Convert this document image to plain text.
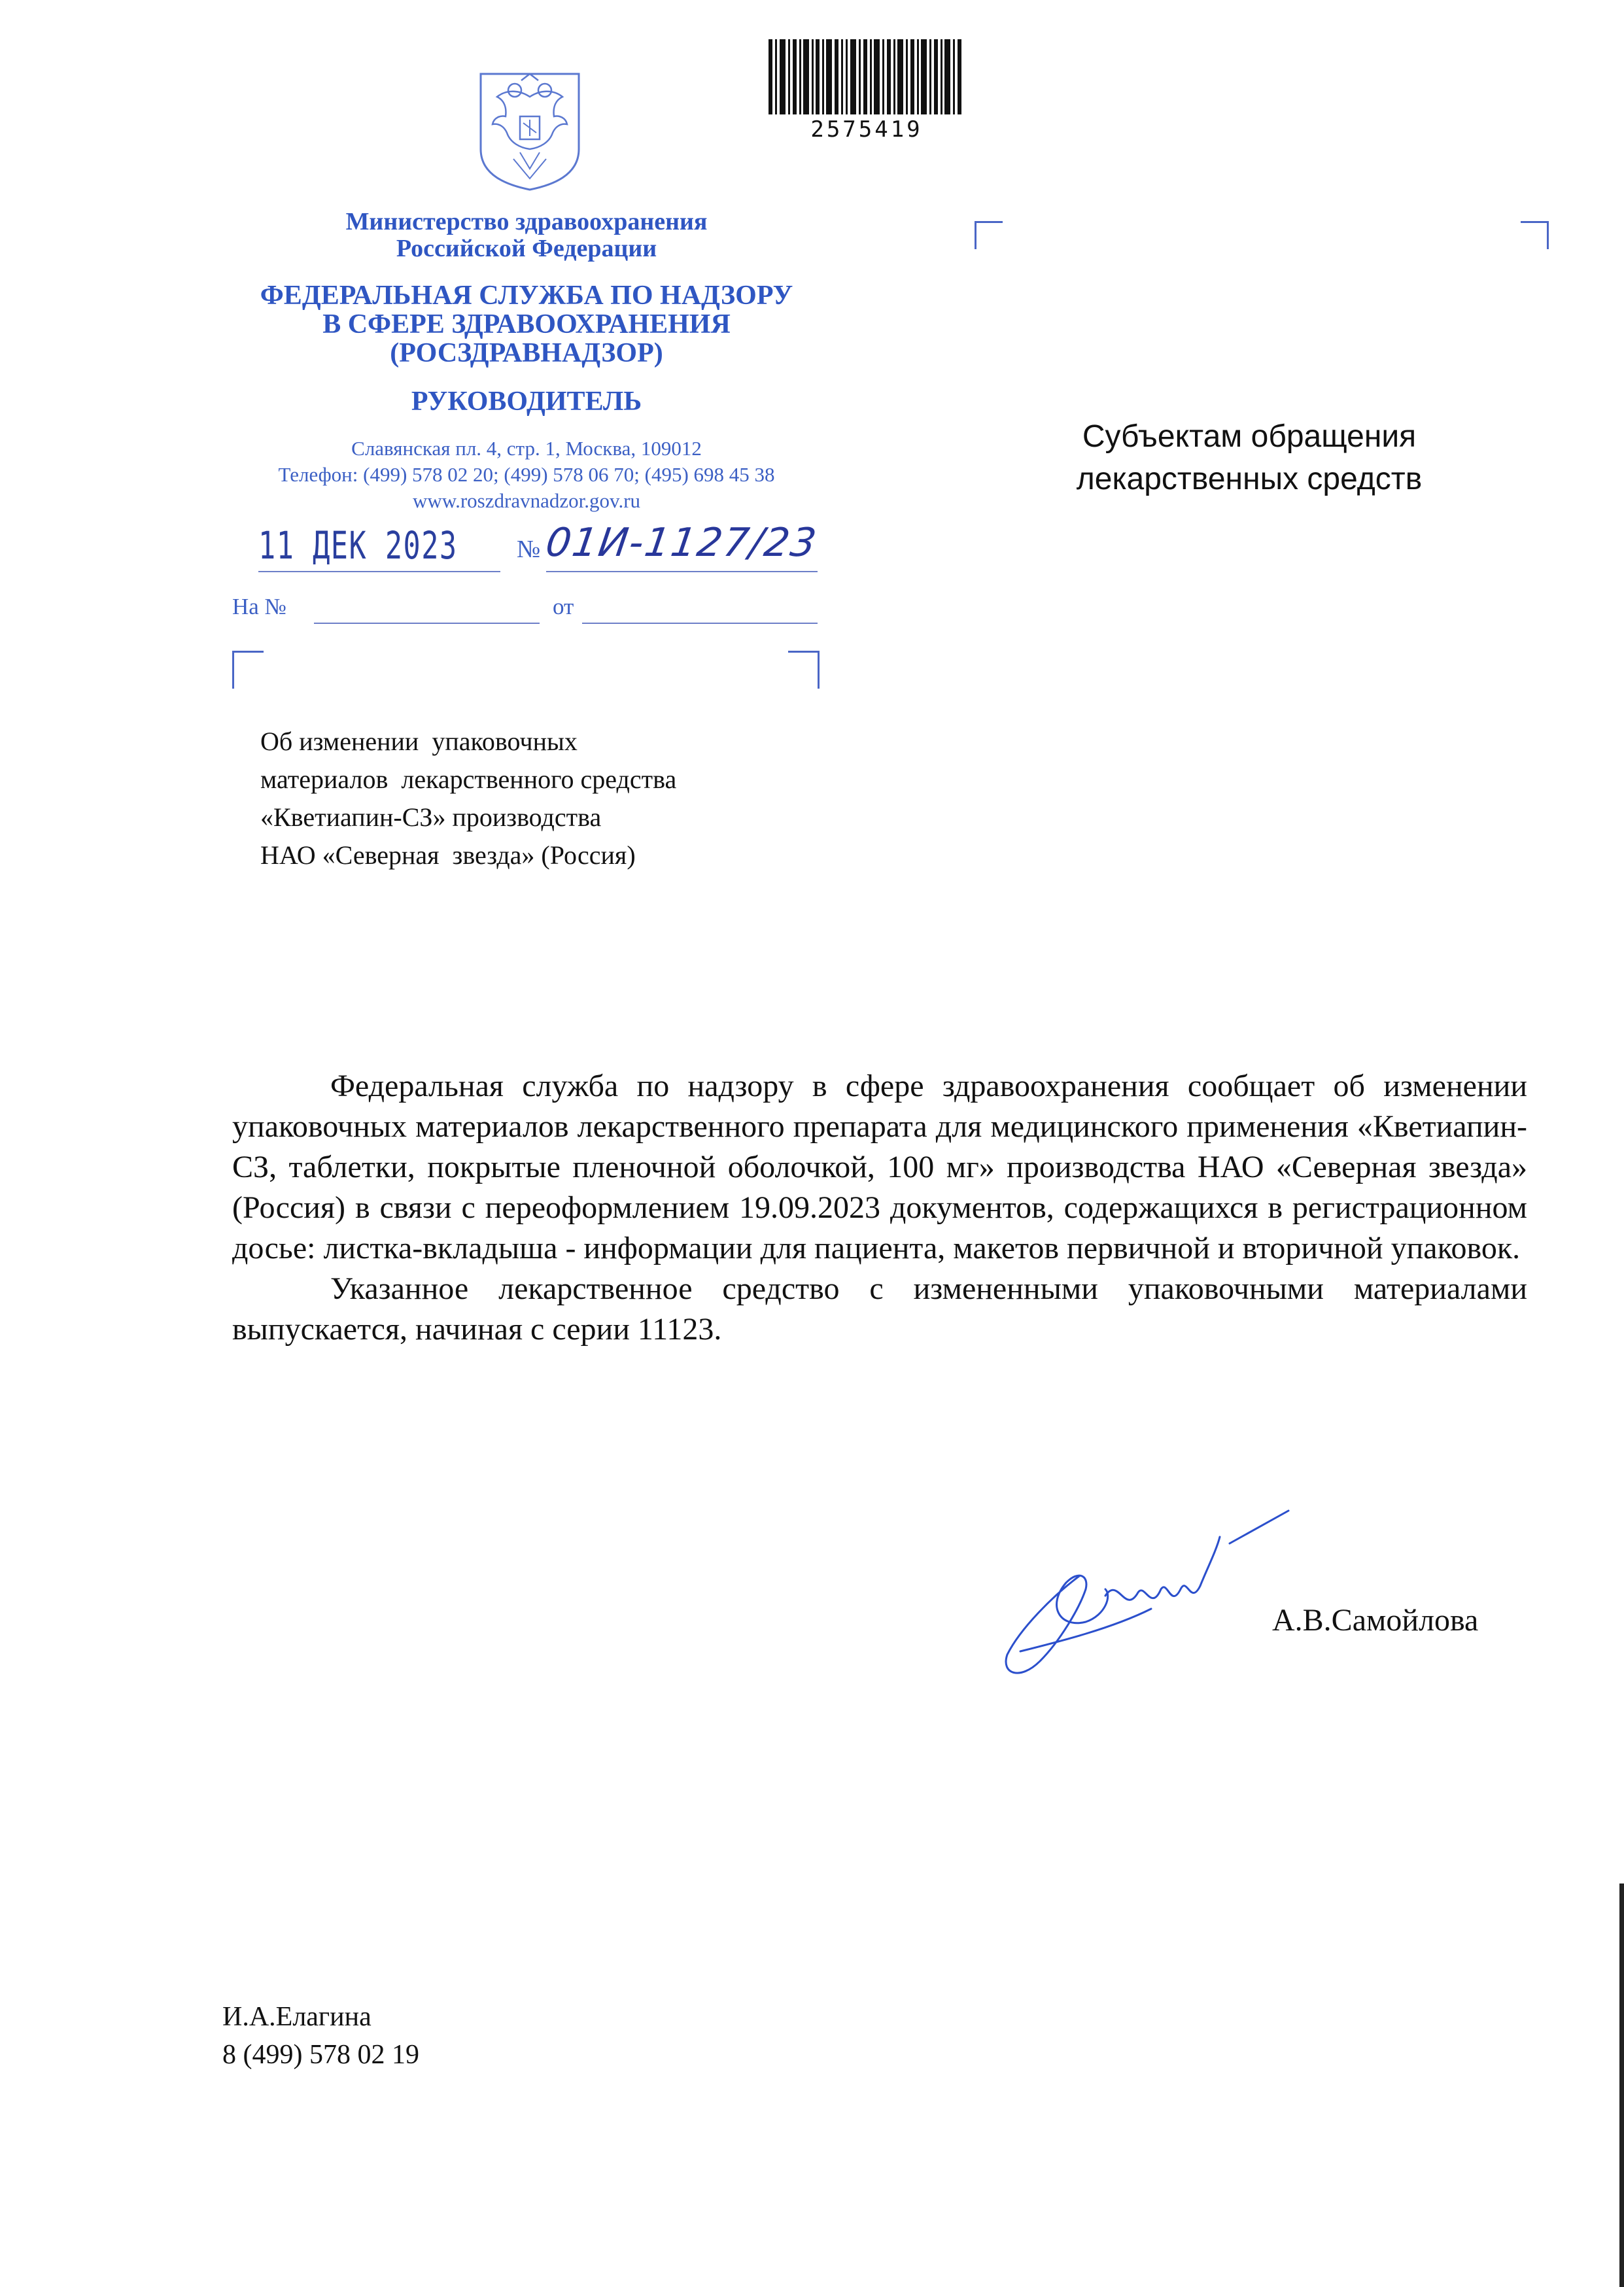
2575419
Министерство здравоохранения
Российской Федерации
ФЕДЕРАЛЬНАЯ СЛУЖБА ПО НАДЗОРУ
В СФЕРЕ ЗДРАВООХРАНЕНИЯ
(РОСЗДРАВНАДЗОР)
РУКОВОДИТЕЛЬ
Славянская пл. 4, стр. 1, Москва, 109012
Телефон: (499) 578 02 20; (499) 578 06 70; (495) 698 45 38
www.roszdravnadzor.gov.ru
11 ДЕК 2023 № 01И-1127/23
На №	от
Субъектам обращения
лекарственных средств
Об изменении  упаковочных
материалов  лекарственного средства
«Кветиапин-СЗ» производства
НАО «Северная  звезда» (Россия)

Федеральная служба по надзору в сфере здравоохранения сообщает об изменении упаковочных материалов лекарственного препарата для медицинского применения «Кветиапин-СЗ, таблетки, покрытые пленочной оболочкой, 100 мг» производства НАО «Северная звезда» (Россия) в связи с переоформлением 19.09.2023 документов, содержащихся в регистрационном досье: листка-вкладыша - информации для пациента, макетов первичной и вторичной упаковок.

Указанное лекарственное средство с измененными упаковочными материалами выпускается, начиная с серии 11123.

А.В.Самойлова
И.А.Елагина
8 (499) 578 02 19
